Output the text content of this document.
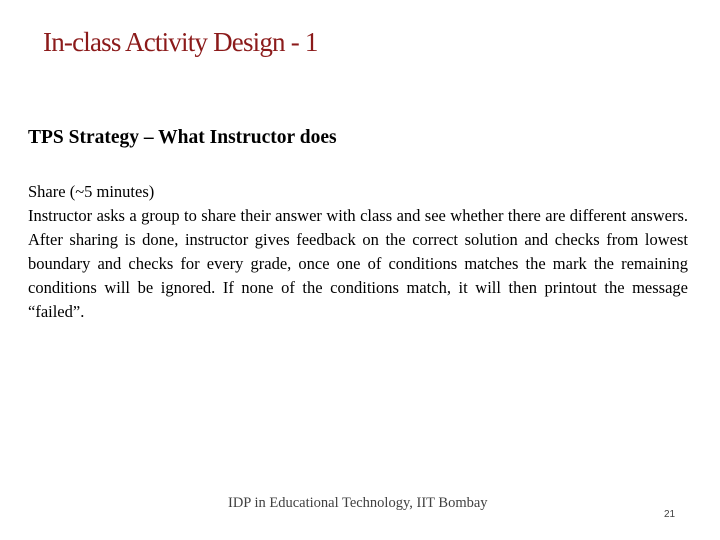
In-class Activity Design - 1
TPS Strategy – What Instructor does
Share (~5 minutes)

Instructor asks a group to share their answer with class and see whether there are different answers. After sharing is done, instructor gives feedback on the correct solution and checks from lowest boundary and checks for every grade, once one of conditions matches the mark the remaining conditions will be ignored. If none of the conditions match, it will then printout the message “failed”.

IDP in Educational Technology, IIT Bombay
21
